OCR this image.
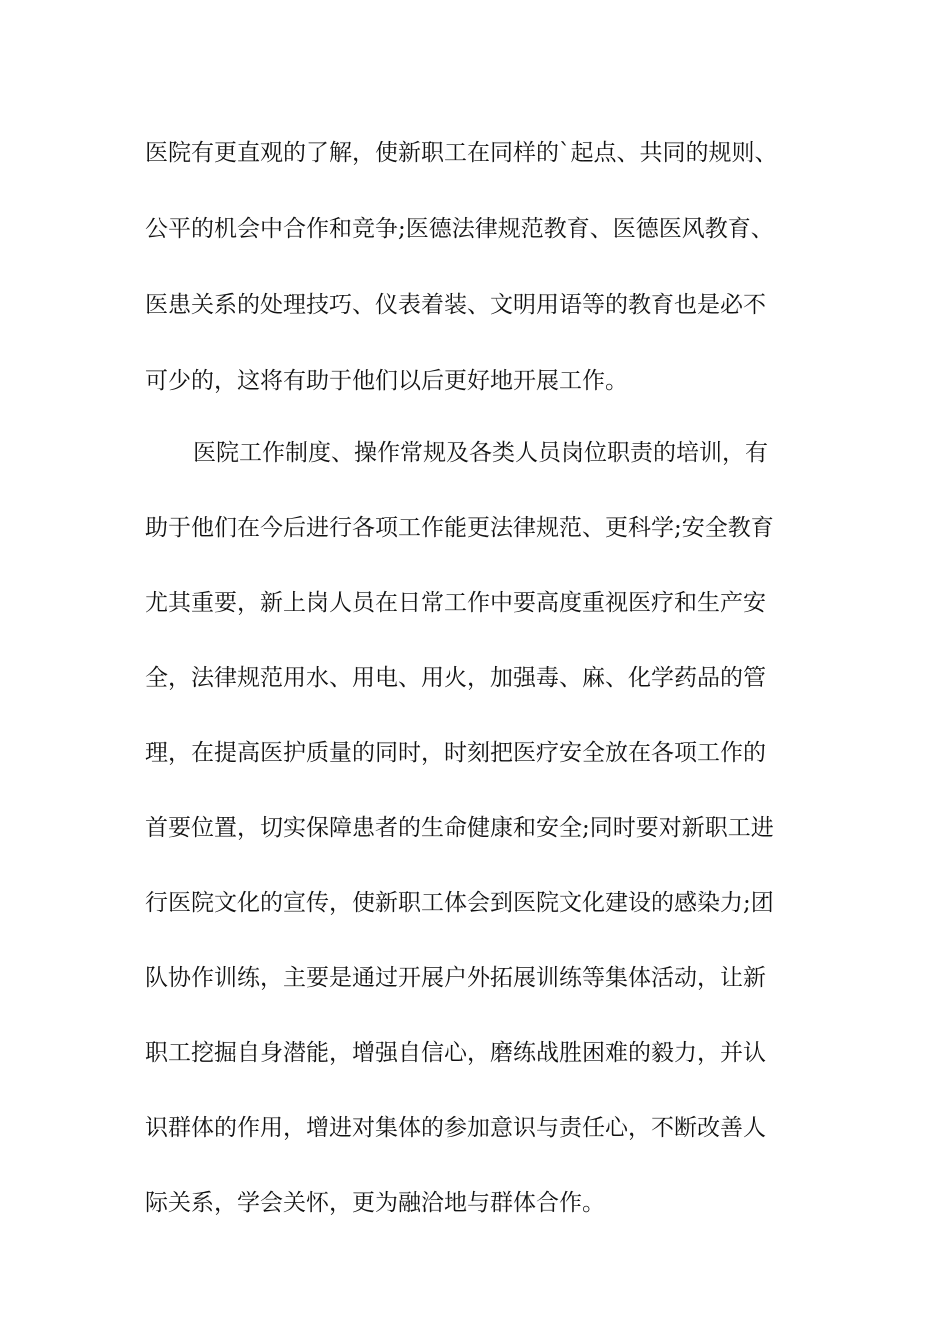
医院有更直观的了解，使新职工在同样的`起点、共同的规则、
公平的机会中合作和竞争;医德法律规范教育、医德医风教育、
医患关系的处理技巧、仪表着装、文明用语等的教育也是必不
可少的，这将有助于他们以后更好地开展工作。
医院工作制度、操作常规及各类人员岗位职责的培训，有
助于他们在今后进行各项工作能更法律规范、更科学;安全教育
尤其重要，新上岗人员在日常工作中要高度重视医疗和生产安
全，法律规范用水、用电、用火，加强毒、麻、化学药品的管
理，在提高医护质量的同时，时刻把医疗安全放在各项工作的
首要位置，切实保障患者的生命健康和安全;同时要对新职工进
行医院文化的宣传，使新职工体会到医院文化建设的感染力;团
队协作训练，主要是通过开展户外拓展训练等集体活动，让新
职工挖掘自身潜能，增强自信心，磨练战胜困难的毅力，并认
识群体的作用，增进对集体的参加意识与责任心，不断改善人
际关系，学会关怀，更为融洽地与群体合作。
